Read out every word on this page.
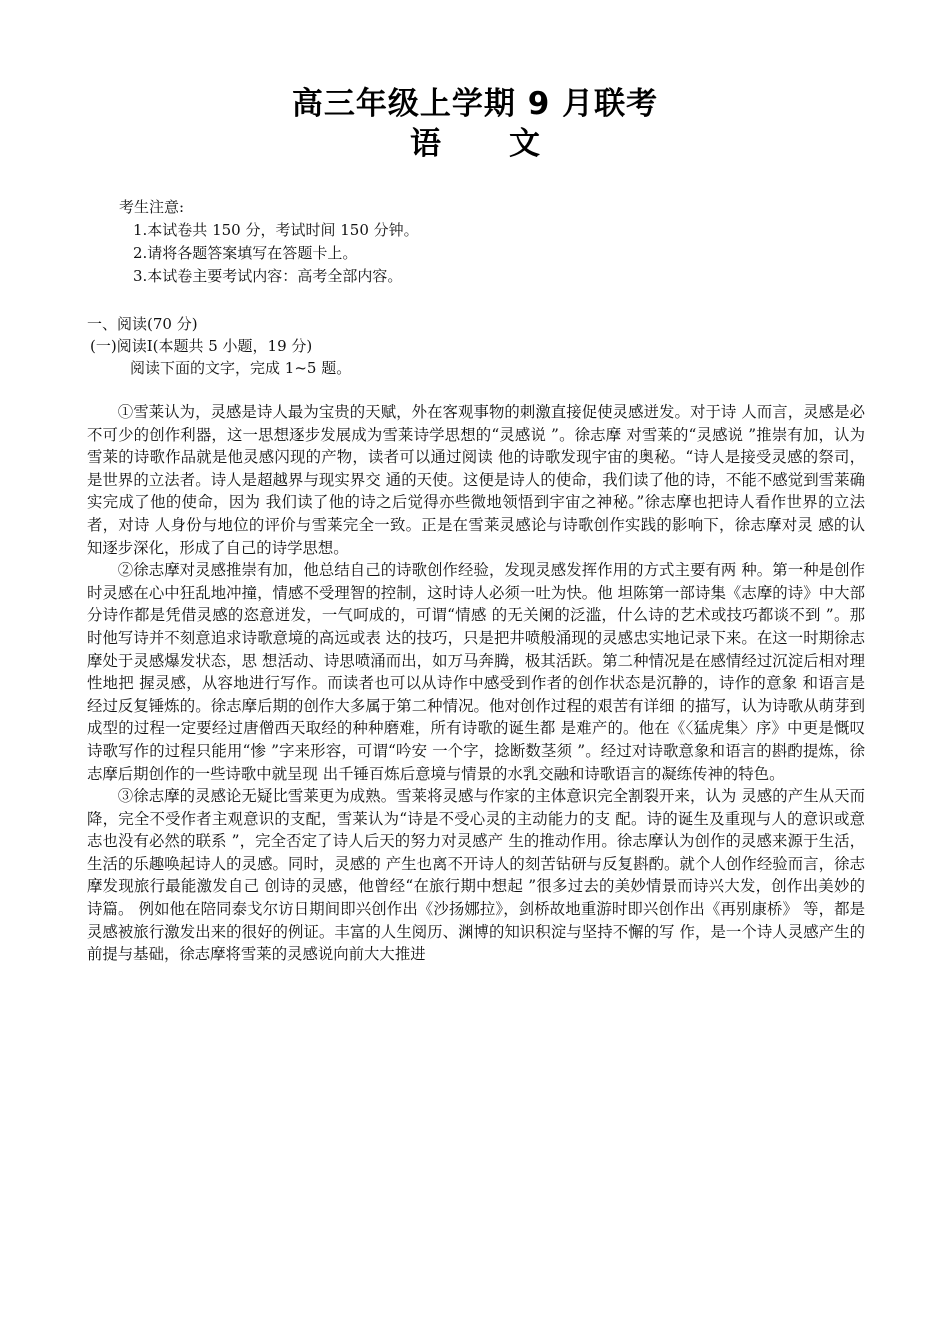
高三年级上学期 9 月联考
语 文
考生注意:
1.本试卷共 150 分，考试时间 150 分钟。
2.请将各题答案填写在答题卡上。
3.本试卷主要考试内容：高考全部内容。
一、阅读(70 分)
(一)阅读Ⅰ(本题共 5 小题，19 分)
阅读下面的文字，完成 1~5 题。

①雪莱认为，灵感是诗人最为宝贵的天赋，外在客观事物的刺激直接促使灵感迸发。对于诗 人而言，灵感是必不可少的创作利器，这一思想逐步发展成为雪莱诗学思想的“灵感说 ”。徐志摩 对雪莱的“灵感说 ”推崇有加，认为雪莱的诗歌作品就是他灵感闪现的产物，读者可以通过阅读 他的诗歌发现宇宙的奥秘。“诗人是接受灵感的祭司，是世界的立法者。诗人是超越界与现实界交 通的天使。这便是诗人的使命，我们读了他的诗，不能不感觉到雪莱确实完成了他的使命，因为 我们读了他的诗之后觉得亦些微地领悟到宇宙之神秘。”徐志摩也把诗人看作世界的立法者，对诗 人身份与地位的评价与雪莱完全一致。正是在雪莱灵感论与诗歌创作实践的影响下，徐志摩对灵 感的认知逐步深化，形成了自己的诗学思想。

②徐志摩对灵感推崇有加，他总结自己的诗歌创作经验，发现灵感发挥作用的方式主要有两 种。第一种是创作时灵感在心中狂乱地冲撞，情感不受理智的控制，这时诗人必须一吐为快。他 坦陈第一部诗集《志摩的诗》中大部分诗作都是凭借灵感的恣意迸发，一气呵成的，可谓“情感 的无关阑的泛滥，什么诗的艺术或技巧都谈不到 ”。那时他写诗并不刻意追求诗歌意境的高远或表 达的技巧，只是把井喷般涌现的灵感忠实地记录下来。在这一时期徐志摩处于灵感爆发状态，思 想活动、诗思喷涌而出，如万马奔腾，极其活跃。第二种情况是在感情经过沉淀后相对理性地把 握灵感，从容地进行写作。而读者也可以从诗作中感受到作者的创作状态是沉静的，诗作的意象 和语言是经过反复锤炼的。徐志摩后期的创作大多属于第二种情况。他对创作过程的艰苦有详细 的描写，认为诗歌从萌芽到成型的过程一定要经过唐僧西天取经的种种磨难，所有诗歌的诞生都 是难产的。他在《〈猛虎集〉序》中更是慨叹诗歌写作的过程只能用“惨 ”字来形容，可谓“吟安 一个字，捻断数茎须 ”。经过对诗歌意象和语言的斟酌提炼，徐志摩后期创作的一些诗歌中就呈现 出千锤百炼后意境与情景的水乳交融和诗歌语言的凝练传神的特色。

③徐志摩的灵感论无疑比雪莱更为成熟。雪莱将灵感与作家的主体意识完全割裂开来，认为 灵感的产生从天而降，完全不受作者主观意识的支配，雪莱认为“诗是不受心灵的主动能力的支 配。诗的诞生及重现与人的意识或意志也没有必然的联系 ”，完全否定了诗人后天的努力对灵感产 生的推动作用。徐志摩认为创作的灵感来源于生活，生活的乐趣唤起诗人的灵感。同时，灵感的 产生也离不开诗人的刻苦钻研与反复斟酌。就个人创作经验而言，徐志摩发现旅行最能激发自己 创诗的灵感，他曾经“在旅行期中想起 ”很多过去的美妙情景而诗兴大发，创作出美妙的诗篇。 例如他在陪同泰戈尔访日期间即兴创作出《沙扬娜拉》，剑桥故地重游时即兴创作出《再别康桥》 等，都是灵感被旅行激发出来的很好的例证。丰富的人生阅历、渊博的知识积淀与坚持不懈的写 作，是一个诗人灵感产生的前提与基础，徐志摩将雪莱的灵感说向前大大推进
